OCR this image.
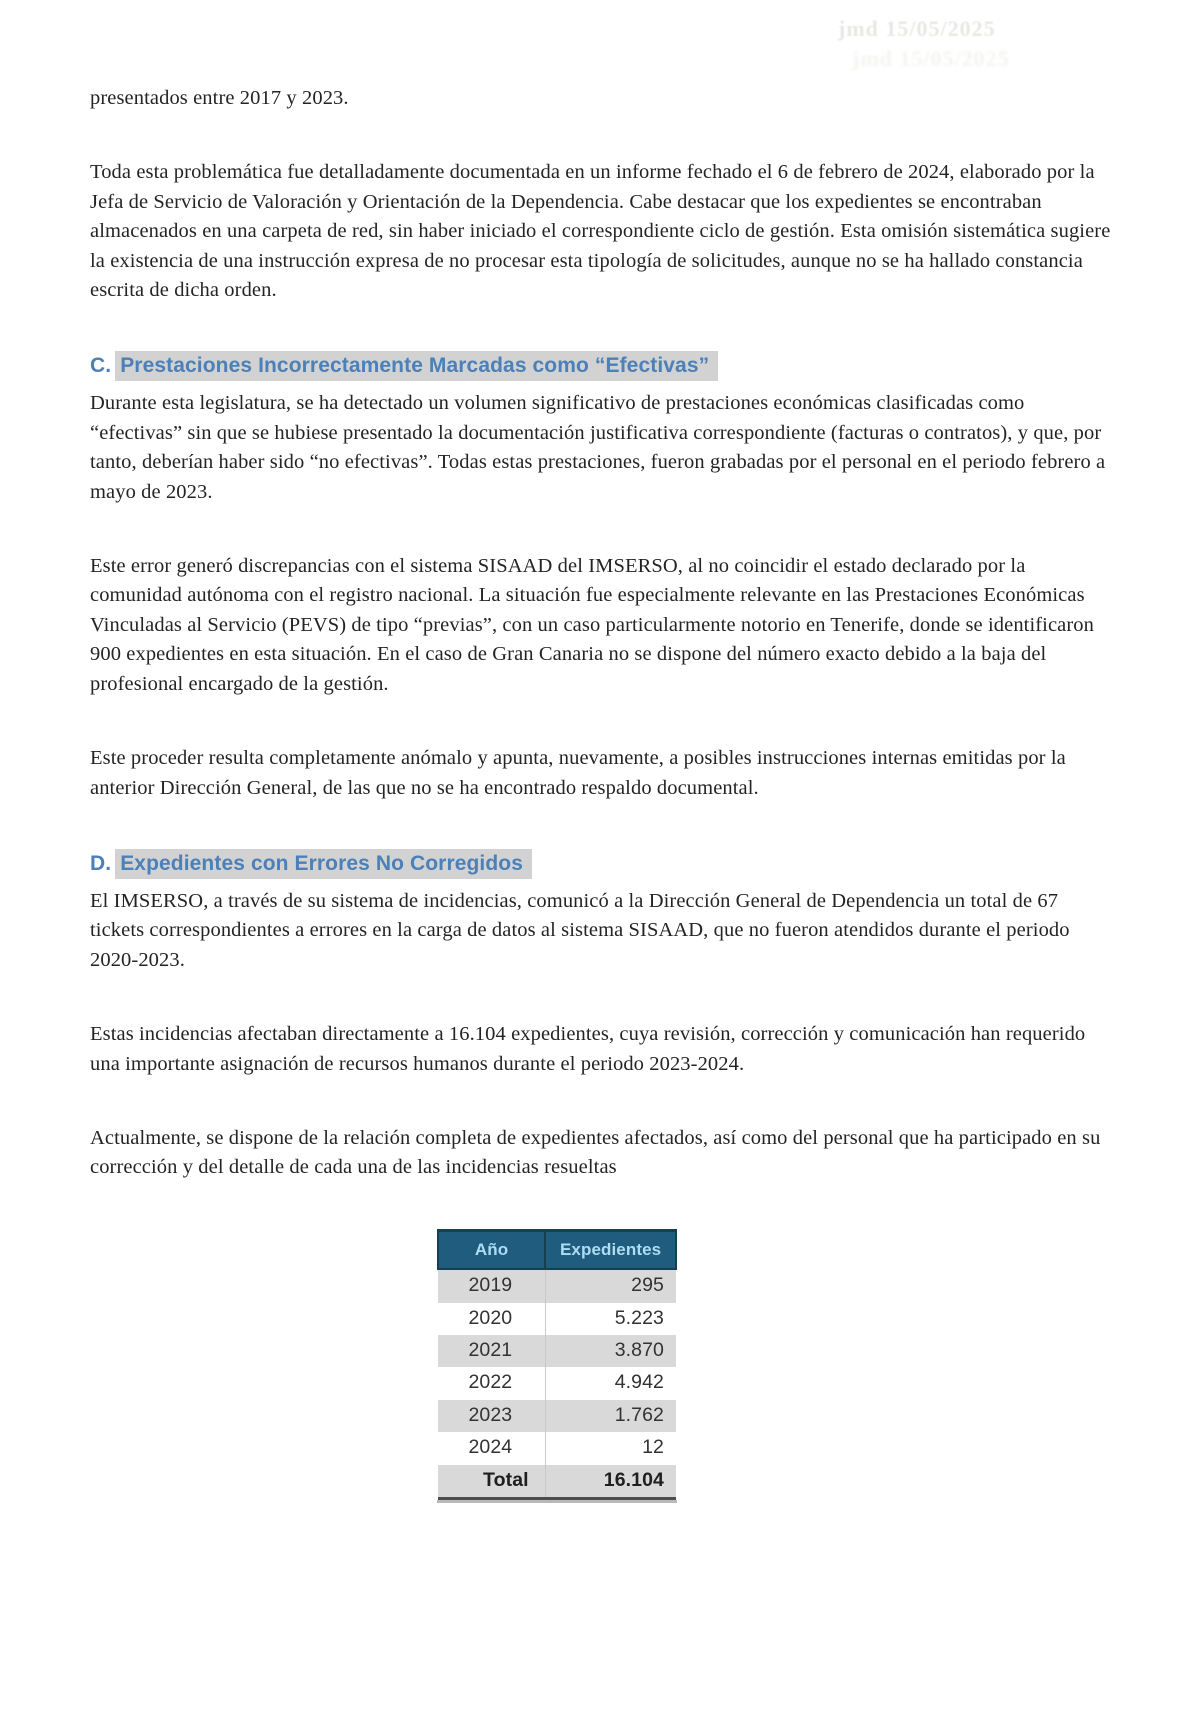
jmd 15/05/2025
jmd 15/05/2025

presentados entre 2017 y 2023.

Toda esta problemática fue detalladamente documentada en un informe fechado el 6 de febrero de 2024, elaborado por la Jefa de Servicio de Valoración y Orientación de la Dependencia. Cabe destacar que los expedientes se encontraban almacenados en una carpeta de red, sin haber iniciado el correspondiente ciclo de gestión. Esta omisión sistemática sugiere la existencia de una instrucción expresa de no procesar esta tipología de solicitudes, aunque no se ha hallado constancia escrita de dicha orden.

C. Prestaciones Incorrectamente Marcadas como “Efectivas”

Durante esta legislatura, se ha detectado un volumen significativo de prestaciones económicas clasificadas como “efectivas” sin que se hubiese presentado la documentación justificativa correspondiente (facturas o contratos), y que, por tanto, deberían haber sido “no efectivas”. Todas estas prestaciones, fueron grabadas por el personal en el periodo febrero a mayo de 2023.

Este error generó discrepancias con el sistema SISAAD del IMSERSO, al no coincidir el estado declarado por la comunidad autónoma con el registro nacional. La situación fue especialmente relevante en las Prestaciones Económicas Vinculadas al Servicio (PEVS) de tipo “previas”, con un caso particularmente notorio en Tenerife, donde se identificaron 900 expedientes en esta situación. En el caso de Gran Canaria no se dispone del número exacto debido a la baja del profesional encargado de la gestión.

Este proceder resulta completamente anómalo y apunta, nuevamente, a posibles instrucciones internas emitidas por la anterior Dirección General, de las que no se ha encontrado respaldo documental.

D. Expedientes con Errores No Corregidos

El IMSERSO, a través de su sistema de incidencias, comunicó a la Dirección General de Dependencia un total de 67 tickets correspondientes a errores en la carga de datos al sistema SISAAD, que no fueron atendidos durante el periodo 2020-2023.

Estas incidencias afectaban directamente a 16.104 expedientes, cuya revisión, corrección y comunicación han requerido una importante asignación de recursos humanos durante el periodo 2023-2024.

Actualmente, se dispone de la relación completa de expedientes afectados, así como del personal que ha participado en su corrección y del detalle de cada una de las incidencias resueltas

Año	Expedientes
2019	295
2020	5.223
2021	3.870
2022	4.942
2023	1.762
2024	12
Total	16.104
